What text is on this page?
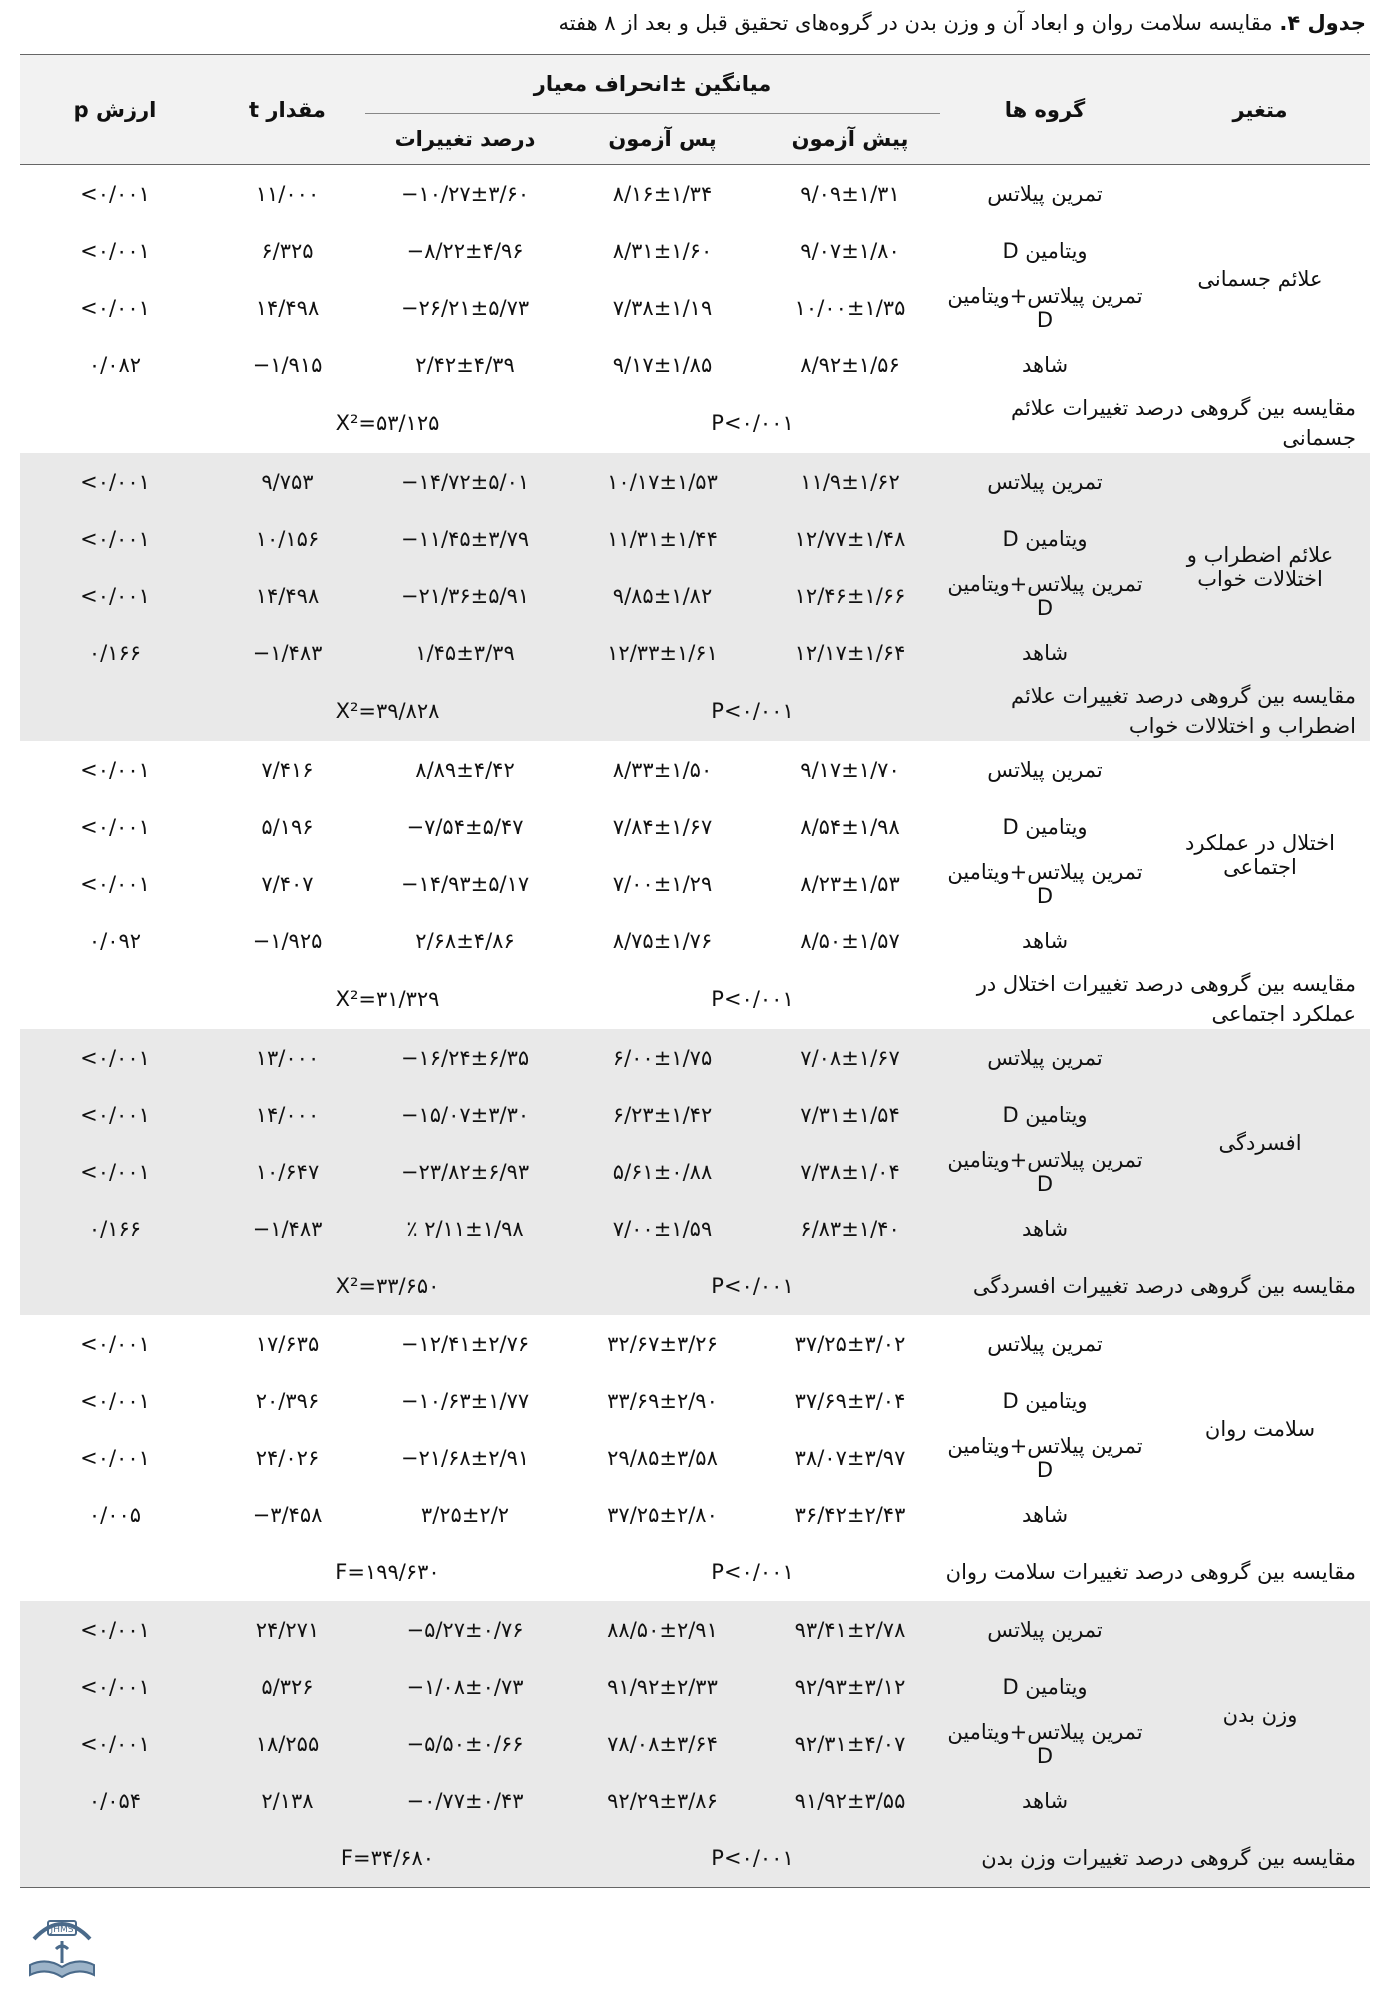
جدول ۴. مقایسه سلامت روان و ابعاد آن و وزن بدن در گروه‌های تحقیق قبل و بعد از ۸ هفته
متغیر	گروه ها	میانگین ±انحراف معیار			مقدار t	ارزش p
		پیش آزمون	پس آزمون	درصد تغییرات		
علائم جسمانی	تمرین پیلاتس	۹/۰۹±۱/۳۱	۸/۱۶±۱/۳۴	−۱۰/۲۷±۳/۶۰	۱۱/۰۰۰	<۰/۰۰۱
	ویتامین D	۹/۰۷±۱/۸۰	۸/۳۱±۱/۶۰	−۸/۲۲±۴/۹۶	۶/۳۲۵	<۰/۰۰۱
	تمرین پیلاتس+ویتامین D	۱۰/۰۰±۱/۳۵	۷/۳۸±۱/۱۹	−۲۶/۲۱±۵/۷۳	۱۴/۴۹۸	<۰/۰۰۱
	شاهد	۸/۹۲±۱/۵۶	۹/۱۷±۱/۸۵	۲/۴۲±۴/۳۹	−۱/۹۱۵	۰/۰۸۲
مقایسه بین گروهی درصد تغییرات علائم جسمانی		P<۰/۰۰۱		X²=۵۳/۱۲۵		
علائم اضطراب و اختلالات خواب	تمرین پیلاتس	۱۱/۹±۱/۶۲	۱۰/۱۷±۱/۵۳	−۱۴/۷۲±۵/۰۱	۹/۷۵۳	<۰/۰۰۱
	ویتامین D	۱۲/۷۷±۱/۴۸	۱۱/۳۱±۱/۴۴	−۱۱/۴۵±۳/۷۹	۱۰/۱۵۶	<۰/۰۰۱
	تمرین پیلاتس+ویتامین D	۱۲/۴۶±۱/۶۶	۹/۸۵±۱/۸۲	−۲۱/۳۶±۵/۹۱	۱۴/۴۹۸	<۰/۰۰۱
	شاهد	۱۲/۱۷±۱/۶۴	۱۲/۳۳±۱/۶۱	۱/۴۵±۳/۳۹	−۱/۴۸۳	۰/۱۶۶
مقایسه بین گروهی درصد تغییرات علائم اضطراب و اختلالات خواب		P<۰/۰۰۱		X²=۳۹/۸۲۸		
اختلال در عملکرد اجتماعی	تمرین پیلاتس	۹/۱۷±۱/۷۰	۸/۳۳±۱/۵۰	۸/۸۹±۴/۴۲	۷/۴۱۶	<۰/۰۰۱
	ویتامین D	۸/۵۴±۱/۹۸	۷/۸۴±۱/۶۷	−۷/۵۴±۵/۴۷	۵/۱۹۶	<۰/۰۰۱
	تمرین پیلاتس+ویتامین D	۸/۲۳±۱/۵۳	۷/۰۰±۱/۲۹	−۱۴/۹۳±۵/۱۷	۷/۴۰۷	<۰/۰۰۱
	شاهد	۸/۵۰±۱/۵۷	۸/۷۵±۱/۷۶	۲/۶۸±۴/۸۶	−۱/۹۲۵	۰/۰۹۲
مقایسه بین گروهی درصد تغییرات اختلال در عملکرد اجتماعی		P<۰/۰۰۱		X²=۳۱/۳۲۹		
افسردگی	تمرین پیلاتس	۷/۰۸±۱/۶۷	۶/۰۰±۱/۷۵	−۱۶/۲۴±۶/۳۵	۱۳/۰۰۰	<۰/۰۰۱
	ویتامین D	۷/۳۱±۱/۵۴	۶/۲۳±۱/۴۲	−۱۵/۰۷±۳/۳۰	۱۴/۰۰۰	<۰/۰۰۱
	تمرین پیلاتس+ویتامین D	۷/۳۸±۱/۰۴	۵/۶۱±۰/۸۸	−۲۳/۸۲±۶/۹۳	۱۰/۶۴۷	<۰/۰۰۱
	شاهد	۶/۸۳±۱/۴۰	۷/۰۰±۱/۵۹	٪ ۲/۱۱±۱/۹۸	−۱/۴۸۳	۰/۱۶۶
مقایسه بین گروهی درصد تغییرات افسردگی		P<۰/۰۰۱		X²=۳۳/۶۵۰		
سلامت روان	تمرین پیلاتس	۳۷/۲۵±۳/۰۲	۳۲/۶۷±۳/۲۶	−۱۲/۴۱±۲/۷۶	۱۷/۶۳۵	<۰/۰۰۱
	ویتامین D	۳۷/۶۹±۳/۰۴	۳۳/۶۹±۲/۹۰	−۱۰/۶۳±۱/۷۷	۲۰/۳۹۶	<۰/۰۰۱
	تمرین پیلاتس+ویتامین D	۳۸/۰۷±۳/۹۷	۲۹/۸۵±۳/۵۸	−۲۱/۶۸±۲/۹۱	۲۴/۰۲۶	<۰/۰۰۱
	شاهد	۳۶/۴۲±۲/۴۳	۳۷/۲۵±۲/۸۰	۳/۲۵±۲/۲	−۳/۴۵۸	۰/۰۰۵
مقایسه بین گروهی درصد تغییرات سلامت روان		P<۰/۰۰۱		F=۱۹۹/۶۳۰		
وزن بدن	تمرین پیلاتس	۹۳/۴۱±۲/۷۸	۸۸/۵۰±۲/۹۱	−۵/۲۷±۰/۷۶	۲۴/۲۷۱	<۰/۰۰۱
	ویتامین D	۹۲/۹۳±۳/۱۲	۹۱/۹۲±۲/۳۳	−۱/۰۸±۰/۷۳	۵/۳۲۶	<۰/۰۰۱
	تمرین پیلاتس+ویتامین D	۹۲/۳۱±۴/۰۷	۷۸/۰۸±۳/۶۴	−۵/۵۰±۰/۶۶	۱۸/۲۵۵	<۰/۰۰۱
	شاهد	۹۱/۹۲±۳/۵۵	۹۲/۲۹±۳/۸۶	−۰/۷۷±۰/۴۳	۲/۱۳۸	۰/۰۵۴
مقایسه بین گروهی درصد تغییرات وزن بدن		P<۰/۰۰۱		F=۳۴/۶۸۰		
JHMS
